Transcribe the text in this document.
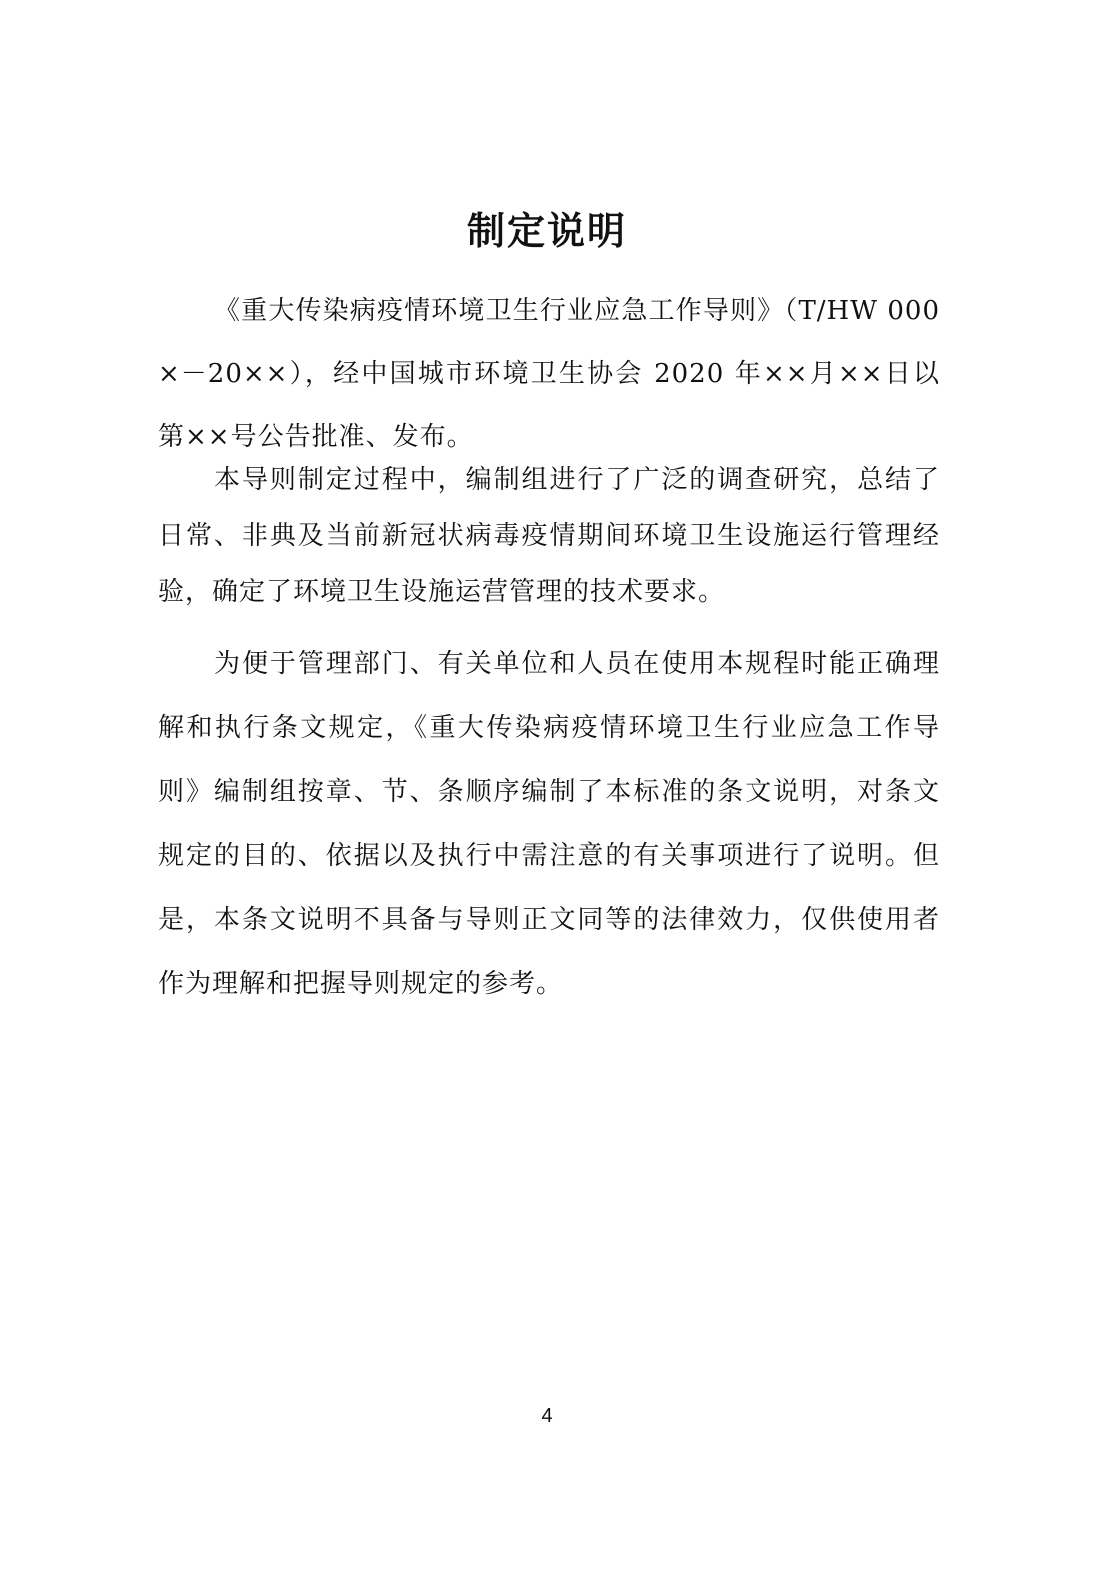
制定说明

《重大传染病疫情环境卫生行业应急工作导则》（T/HW 000×－20××），经中国城市环境卫生协会 2020 年××月××日以第××号公告批准、发布。

本导则制定过程中，编制组进行了广泛的调查研究，总结了日常、非典及当前新冠状病毒疫情期间环境卫生设施运行管理经验，确定了环境卫生设施运营管理的技术要求。

为便于管理部门、有关单位和人员在使用本规程时能正确理解和执行条文规定，《重大传染病疫情环境卫生行业应急工作导则》编制组按章、节、条顺序编制了本标准的条文说明，对条文规定的目的、依据以及执行中需注意的有关事项进行了说明。但是，本条文说明不具备与导则正文同等的法律效力，仅供使用者作为理解和把握导则规定的参考。

4
